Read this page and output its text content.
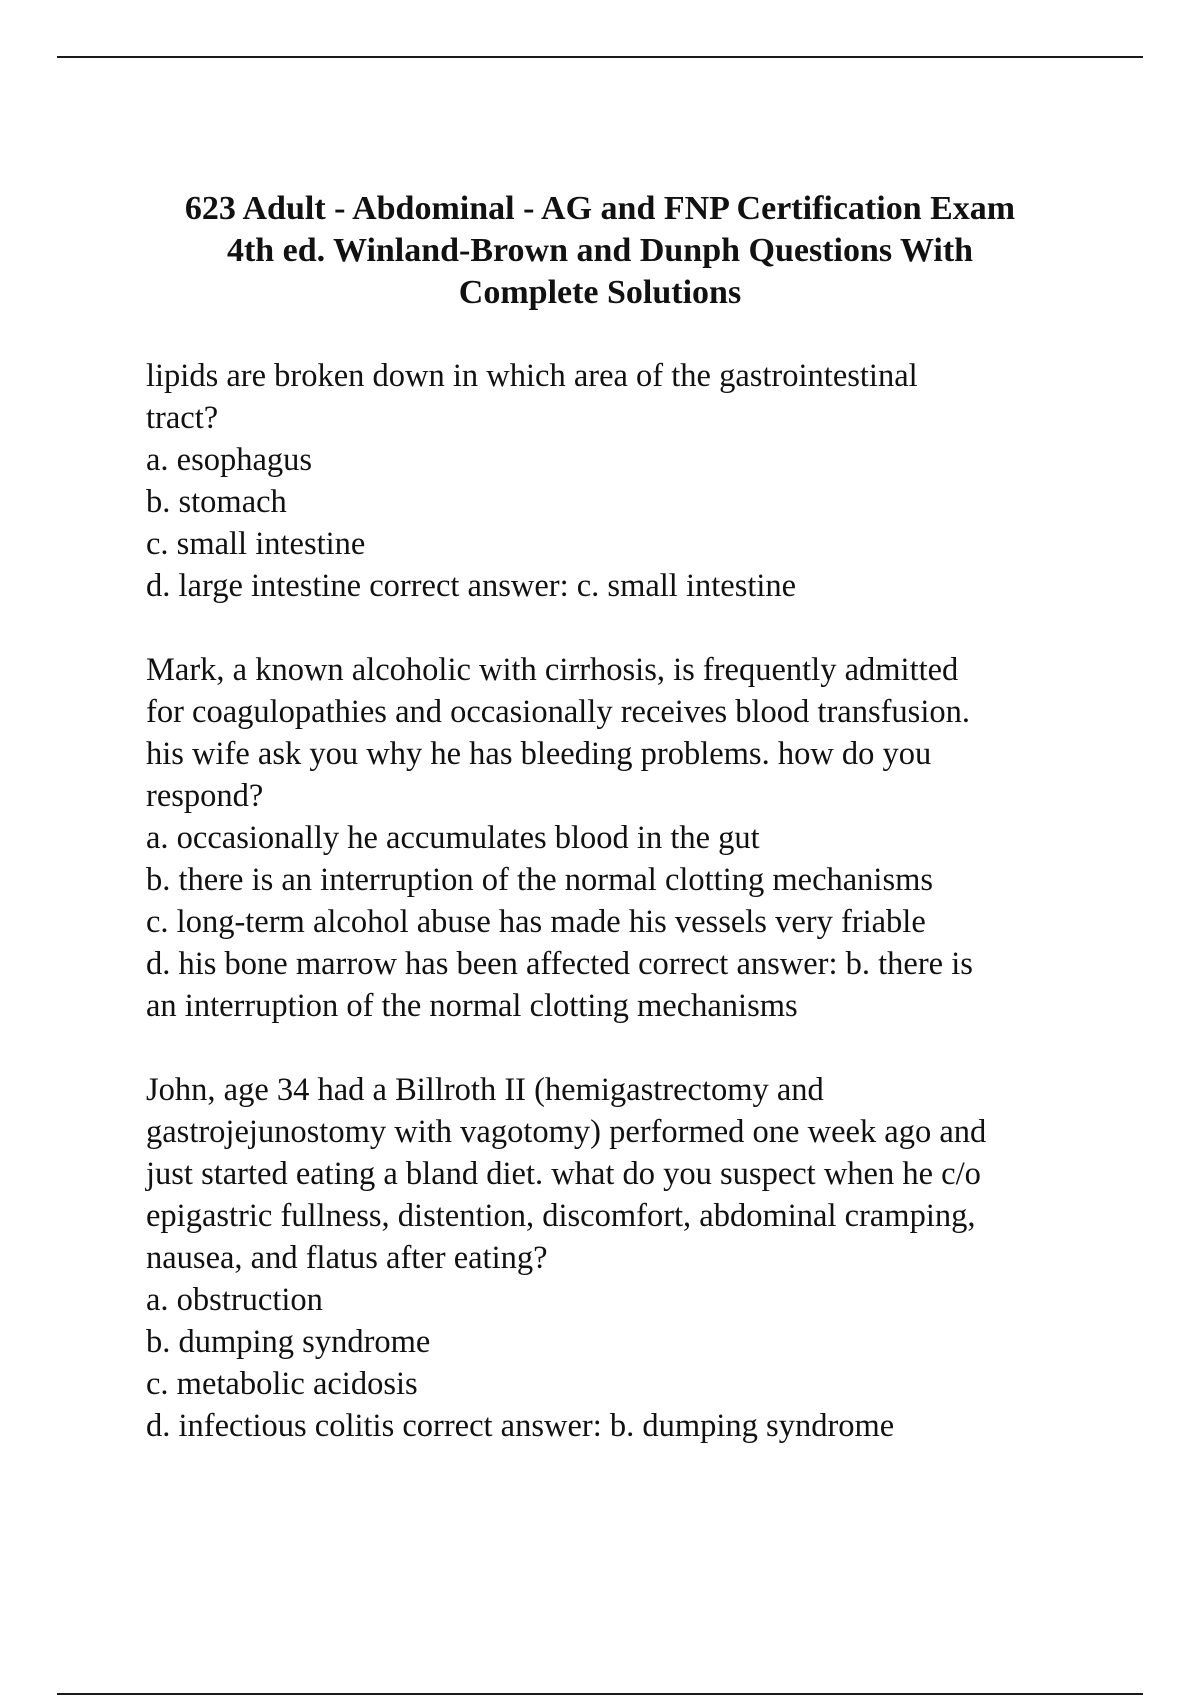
623 Adult - Abdominal - AG and FNP Certification Exam
4th ed. Winland-Brown and Dunph Questions With
Complete Solutions
lipids are broken down in which area of the gastrointestinal
tract?
a. esophagus
b. stomach
c. small intestine
d. large intestine correct answer: c. small intestine
Mark, a known alcoholic with cirrhosis, is frequently admitted
for coagulopathies and occasionally receives blood transfusion.
his wife ask you why he has bleeding problems. how do you
respond?
a. occasionally he accumulates blood in the gut
b. there is an interruption of the normal clotting mechanisms
c. long-term alcohol abuse has made his vessels very friable
d. his bone marrow has been affected correct answer: b. there is
an interruption of the normal clotting mechanisms
John, age 34 had a Billroth II (hemigastrectomy and
gastrojejunostomy with vagotomy) performed one week ago and
just started eating a bland diet. what do you suspect when he c/o
epigastric fullness, distention, discomfort, abdominal cramping,
nausea, and flatus after eating?
a. obstruction
b. dumping syndrome
c. metabolic acidosis
d. infectious colitis correct answer: b. dumping syndrome
